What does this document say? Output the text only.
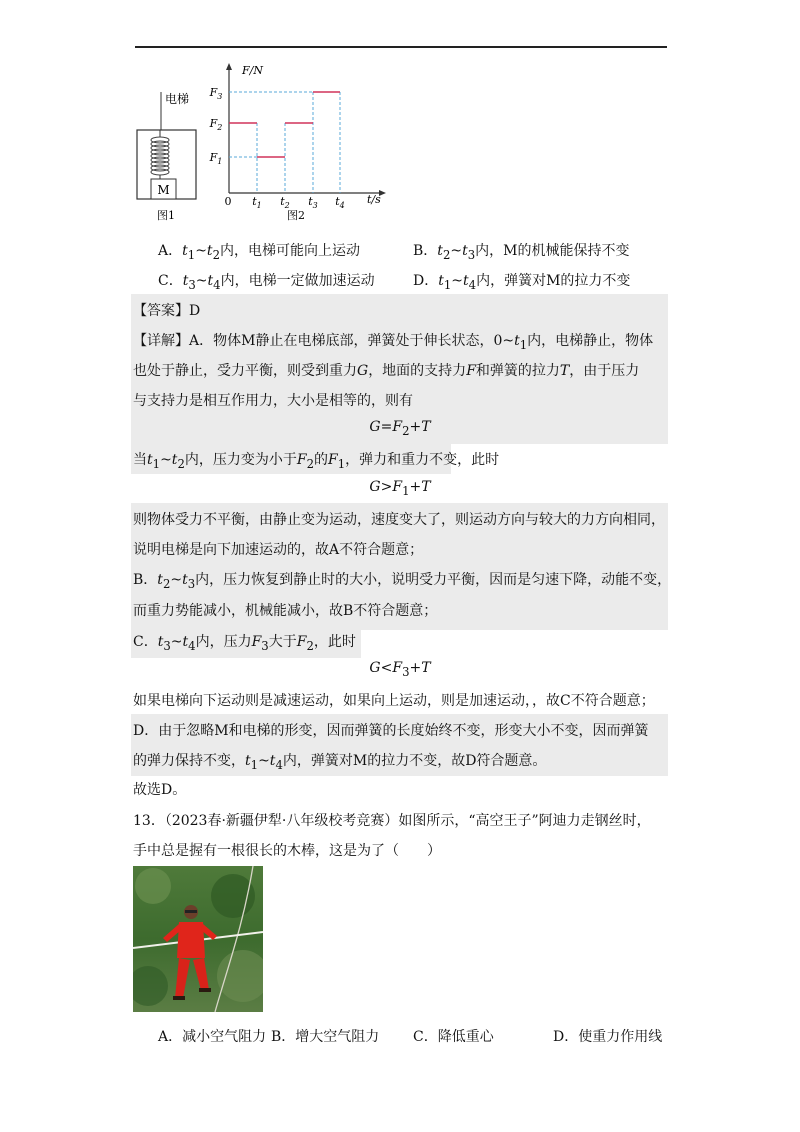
电梯
M
图1
F/N
t/s
0
$F_3$
$F_2$
$F_1$
$t_1$ $t_2$ $t_3$ $t_4$
图2
A．$t_1\sim t_2$内，电梯可能向上运动	B．$t_2\sim t_3$内，M的机械能保持不变
C．$t_3\sim t_4$内，电梯一定做加速运动	D．$t_1\sim t_4$内，弹簧对M的拉力不变
【答案】D
【详解】A．物体M静止在电梯底部，弹簧处于伸长状态，$0\sim t_1$内，电梯静止，物体
也处于静止，受力平衡，则受到重力G，地面的支持力F和弹簧的拉力T，由于压力
与支持力是相互作用力，大小是相等的，则有
$G=F_2+T$
当$t_1\sim t_2$内，压力变为小于$F_2$的$F_1$，弹力和重力不变，此时
$G>F_1+T$
则物体受力不平衡，由静止变为运动，速度变大了，则运动方向与较大的力方向相同，
说明电梯是向下加速运动的，故A不符合题意；
B．$t_2\sim t_3$内，压力恢复到静止时的大小，说明受力平衡，因而是匀速下降，动能不变，
而重力势能减小，机械能减小，故B不符合题意；
C．$t_3\sim t_4$内，压力$F_3$大于$F_2$，此时
$G<F_3+T$
如果电梯向下运动则是减速运动，如果向上运动，则是加速运动，，故C不符合题意；
D．由于忽略M和电梯的形变，因而弹簧的长度始终不变，形变大小不变，因而弹簧
的弹力保持不变，$t_1\sim t_4$内，弹簧对M的拉力不变，故D符合题意。
故选D。
13．（2023春·新疆伊犁·八年级校考竞赛）如图所示，“高空王子”阿迪力走钢丝时，
手中总是握有一根很长的木棒，这是为了（　　）
A．减小空气阻力 B．增大空气阻力 C．降低重心	D．使重力作用线
